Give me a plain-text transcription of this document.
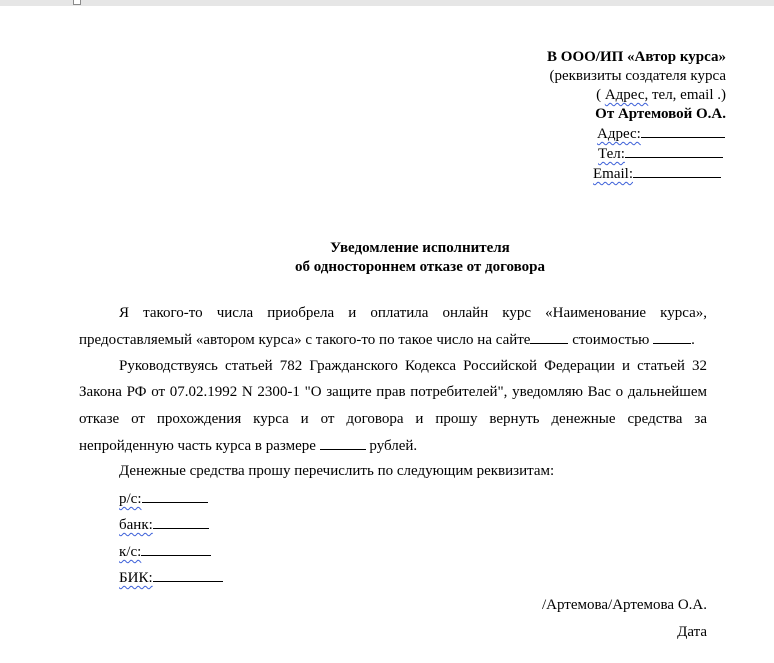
В ООО/ИП «Автор курса»
(реквизиты создателя курса
( Адрес, тел, email .)
От Артемовой О.А.
Адрес:
Тел:
Email:
Уведомление исполнителя
об одностороннем отказе от договора
Я такого-то числа приобрела и оплатила онлайн курс «Наименование курса»,
предоставляемый «автором курса» с такого-то по такое число на сайте	стоимостью	.
Руководствуясь статьей 782 Гражданского Кодекса Российской Федерации и статьей 32
Закона РФ от 07.02.1992 N 2300-1 "О защите прав потребителей", уведомляю Вас о дальнейшем
отказе от прохождения курса и от договора и прошу вернуть денежные средства за
непройденную часть курса в размере	рублей.
Денежные средства прошу перечислить по следующим реквизитам:
р/с:
банк:
к/с:
БИК:
/Артемова/Артемова О.А.
Дата
